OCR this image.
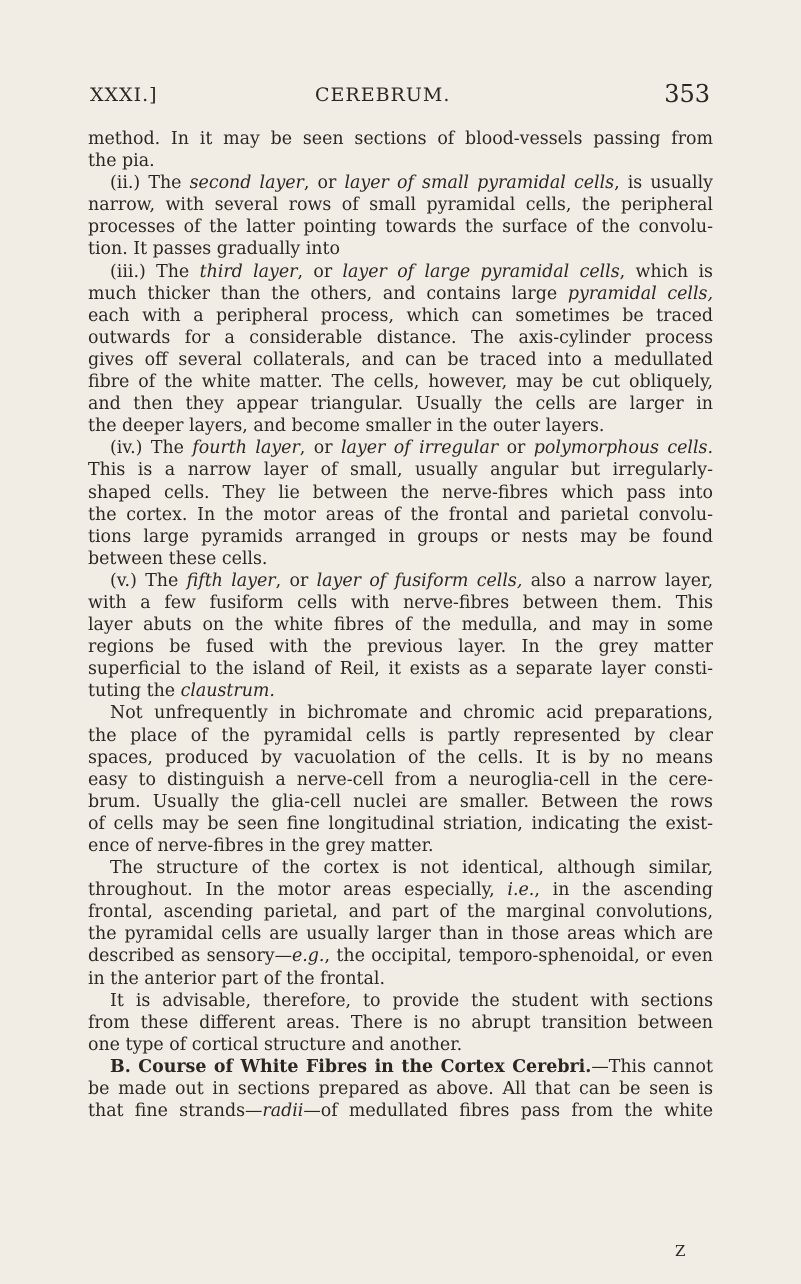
XXXI.]	CEREBRUM.	353
method. In it may be seen sections of blood-vessels passing from
the pia.
(ii.) The second layer, or layer of small pyramidal cells, is usually
narrow, with several rows of small pyramidal cells, the peripheral
processes of the latter pointing towards the surface of the convolu-
tion. It passes gradually into
(iii.) The third layer, or layer of large pyramidal cells, which is
much thicker than the others, and contains large pyramidal cells,
each with a peripheral process, which can sometimes be traced
outwards for a considerable distance. The axis-cylinder process
gives off several collaterals, and can be traced into a medullated
fibre of the white matter. The cells, however, may be cut obliquely,
and then they appear triangular. Usually the cells are larger in
the deeper layers, and become smaller in the outer layers.
(iv.) The fourth layer, or layer of irregular or polymorphous cells.
This is a narrow layer of small, usually angular but irregularly-
shaped cells. They lie between the nerve-fibres which pass into
the cortex. In the motor areas of the frontal and parietal convolu-
tions large pyramids arranged in groups or nests may be found
between these cells.
(v.) The fifth layer, or layer of fusiform cells, also a narrow layer,
with a few fusiform cells with nerve-fibres between them. This
layer abuts on the white fibres of the medulla, and may in some
regions be fused with the previous layer. In the grey matter
superficial to the island of Reil, it exists as a separate layer consti-
tuting the claustrum.
Not unfrequently in bichromate and chromic acid preparations,
the place of the pyramidal cells is partly represented by clear
spaces, produced by vacuolation of the cells. It is by no means
easy to distinguish a nerve-cell from a neuroglia-cell in the cere-
brum. Usually the glia-cell nuclei are smaller. Between the rows
of cells may be seen fine longitudinal striation, indicating the exist-
ence of nerve-fibres in the grey matter.
The structure of the cortex is not identical, although similar,
throughout. In the motor areas especially, i.e., in the ascending
frontal, ascending parietal, and part of the marginal convolutions,
the pyramidal cells are usually larger than in those areas which are
described as sensory—e.g., the occipital, temporo-sphenoidal, or even
in the anterior part of the frontal.
It is advisable, therefore, to provide the student with sections
from these different areas. There is no abrupt transition between
one type of cortical structure and another.
B. Course of White Fibres in the Cortex Cerebri.—This cannot
be made out in sections prepared as above. All that can be seen is
that fine strands—radii—of medullated fibres pass from the white
Z
